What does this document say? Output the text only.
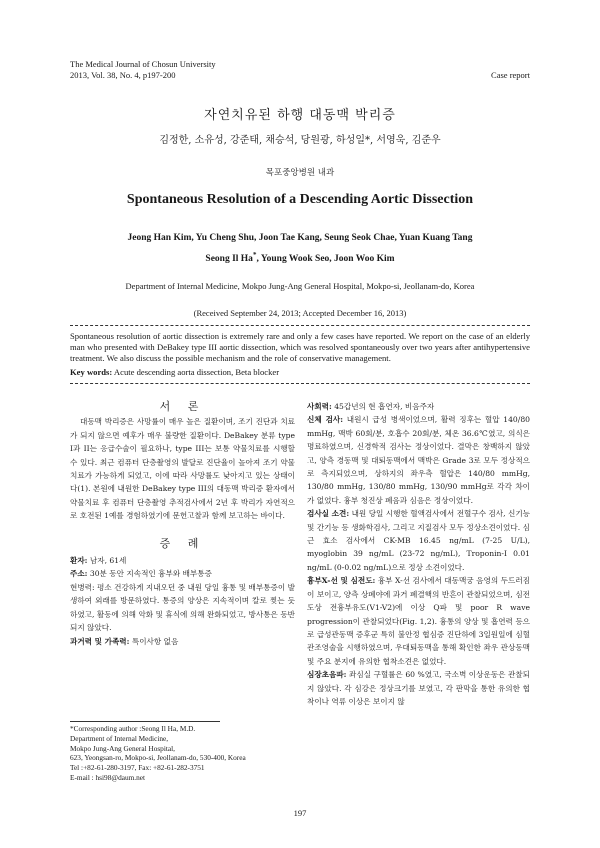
The Medical Journal of Chosun University
2013, Vol. 38, No. 4, p197-200	Case report
자연치유된 하행 대동맥 박리증
김정한, 소유성, 강준태, 채승석, 당원광, 하성일*, 서영욱, 김준우
목포중앙병원 내과
Spontaneous Resolution of a Descending Aortic Dissection
Jeong Han Kim, Yu Cheng Shu, Joon Tae Kang, Seung Seok Chae, Yuan Kuang Tang
Seong Il Ha*, Young Wook Seo, Joon Woo Kim
Department of Internal Medicine, Mokpo Jung-Ang General Hospital, Mokpo-si, Jeollanam-do, Korea
(Received September 24, 2013; Accepted December 16, 2013)
Spontaneous resolution of aortic dissection is extremely rare and only a few cases have reported. We report on the case of an elderly man who presented with DeBakey type III aortic dissection, which was resolved spontaneously over two years after antihypertensive treatment. We also discuss the possible mechanism and the role of conservative management.
Key words: Acute descending aorta dissection, Beta blocker
서 론

대동맥 박리증은 사망률이 매우 높은 질환이며, 조기 진단과 치료가 되지 않으면 예후가 매우 불량한 질환이다. DeBakey 분류 type I과 II는 응급수술이 필요하나, type III는 보통 약물치료를 시행할 수 있다. 최근 컴퓨터 단층촬영의 발달로 진단율이 높아져 조기 약물치료가 가능하게 되었고, 이에 따라 사망률도 낮아지고 있는 상태이다(1). 본원에 내원한 DeBakey type III의 대동맥 박리증 환자에서 약물치료 후 컴퓨터 단층촬영 추적검사에서 2년 후 박리가 자연적으로 호전된 1예를 경험하였기에 문헌고찰과 함께 보고하는 바이다.

증 례
환자: 남자, 61세
주소: 30분 동안 지속적인 흉부와 배부통증
현병력: 평소 건강하게 지내오던 중 내원 당일 흉통 및 배부통증이 발생하여 외래를 방문하였다. 통증의 양상은 지속적이며 칼로 찢는 듯 하였고, 활동에 의해 악화 및 휴식에 의해 완화되었고, 방사통은 동반되지 않았다.
과거력 및 가족력: 특이사항 없음
사회력: 45갑년의 현 흡연자, 비음주자
신체 검사: 내원시 급성 병색이었으며, 활력 징후는 혈압 140/80 mmHg, 맥박 60회/분, 호흡수 20회/분, 체온 36.6℃였고, 의식은 명료하였으며, 신경학적 검사는 정상이었다. 결막은 창백하지 않았고, 양측 경동맥 및 대퇴동맥에서 맥박은 Grade 3로 모두 정상적으로 측지되었으며, 상하지의 좌우측 혈압은 140/80 mmHg, 130/80 mmHg, 130/80 mmHg, 130/90 mmHg로 각각 차이가 없었다. 흉부 청진상 폐음과 심음은 정상이었다.
검사실 소견: 내원 당일 시행한 혈액검사에서 전혈구수 검사, 신기능 및 간기능 등 생화학검사, 그리고 지질검사 모두 정상소견이었다. 심근 효소 검사에서 CK-MB 16.45 ng/mL (7-25 U/L), myoglobin 39 ng/mL (23-72 ng/mL), Troponin-I 0.01 ng/mL (0-0.02 ng/mL)으로 정상 소견이었다.
흉부X-선 및 심전도: 흉부 X-선 검사에서 대동맥궁 음영의 두드러짐이 보이고, 양측 상폐야에 과거 폐결핵의 반흔이 관찰되었으며, 심전도상 전흉부유도(V1-V2)에 이상 Q파 및 poor R wave progression이 관찰되었다(Fig. 1,2). 흉통의 양상 및 흡연력 등으로 급성관동맥 증후군 특히 불안정 협심증 진단하에 3일원일에 심혈관조영술을 시행하였으며, 우대퇴동맥을 통해 확인한 좌우 관상동맥 및 주요 분지에 유의한 협착소견은 없었다.
심장초음파: 좌심실 구혈률은 60 %였고, 국소벽 이상운동은 관찰되지 않았다. 각 심강은 정상크기를 보였고, 각 판막을 통한 유의한 협착이나 역류 이상은 보이지 않
*Corresponding author :Seong Il Ha, M.D.
Department of Internal Medicine,
Mokpo Jung-Ang General Hospital,
623, Yeongsan-ro, Mokpo-si, Jeollanam-do, 530-400, Korea
Tel :+82-61-280-3197, Fax: +82-61-282-3751
E-mail : hsi98@daum.net
197
